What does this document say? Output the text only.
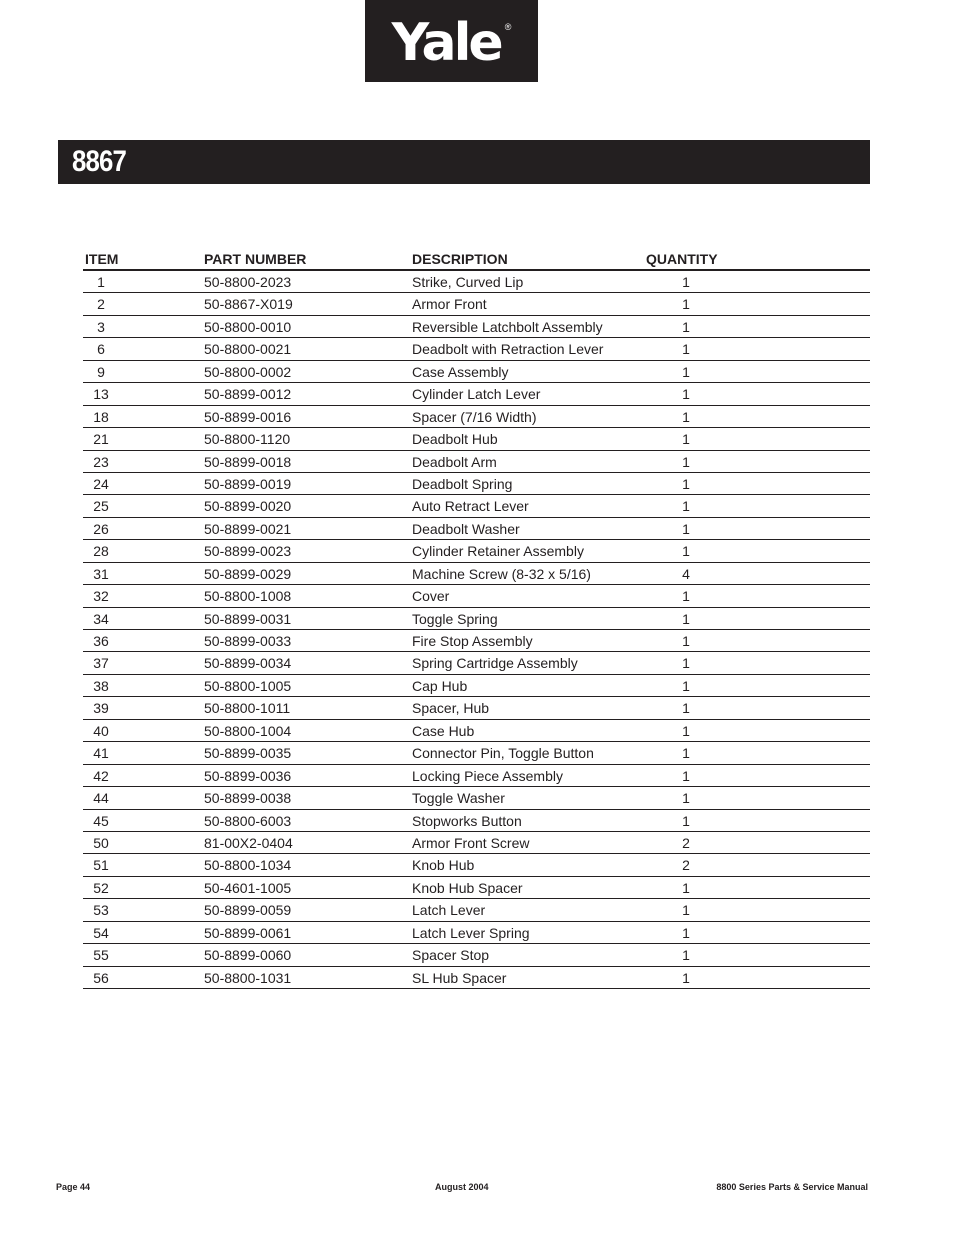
Yale ®
8867
ITEM	PART NUMBER	DESCRIPTION	QUANTITY
1	50-8800-2023	Strike, Curved Lip	1
2	50-8867-X019	Armor Front	1
3	50-8800-0010	Reversible Latchbolt Assembly	1
6	50-8800-0021	Deadbolt with Retraction Lever	1
9	50-8800-0002	Case Assembly	1
13	50-8899-0012	Cylinder Latch Lever	1
18	50-8899-0016	Spacer (7/16 Width)	1
21	50-8800-1120	Deadbolt Hub	1
23	50-8899-0018	Deadbolt Arm	1
24	50-8899-0019	Deadbolt Spring	1
25	50-8899-0020	Auto Retract Lever	1
26	50-8899-0021	Deadbolt Washer	1
28	50-8899-0023	Cylinder Retainer Assembly	1
31	50-8899-0029	Machine Screw (8-32 x 5/16)	4
32	50-8800-1008	Cover	1
34	50-8899-0031	Toggle Spring	1
36	50-8899-0033	Fire Stop Assembly	1
37	50-8899-0034	Spring Cartridge Assembly	1
38	50-8800-1005	Cap Hub	1
39	50-8800-1011	Spacer, Hub	1
40	50-8800-1004	Case Hub	1
41	50-8899-0035	Connector Pin, Toggle Button	1
42	50-8899-0036	Locking Piece Assembly	1
44	50-8899-0038	Toggle Washer	1
45	50-8800-6003	Stopworks Button	1
50	81-00X2-0404	Armor Front Screw	2
51	50-8800-1034	Knob Hub	2
52	50-4601-1005	Knob Hub Spacer	1
53	50-8899-0059	Latch Lever	1
54	50-8899-0061	Latch Lever Spring	1
55	50-8899-0060	Spacer Stop	1
56	50-8800-1031	SL Hub Spacer	1
Page 44	August 2004	8800 Series Parts & Service Manual
